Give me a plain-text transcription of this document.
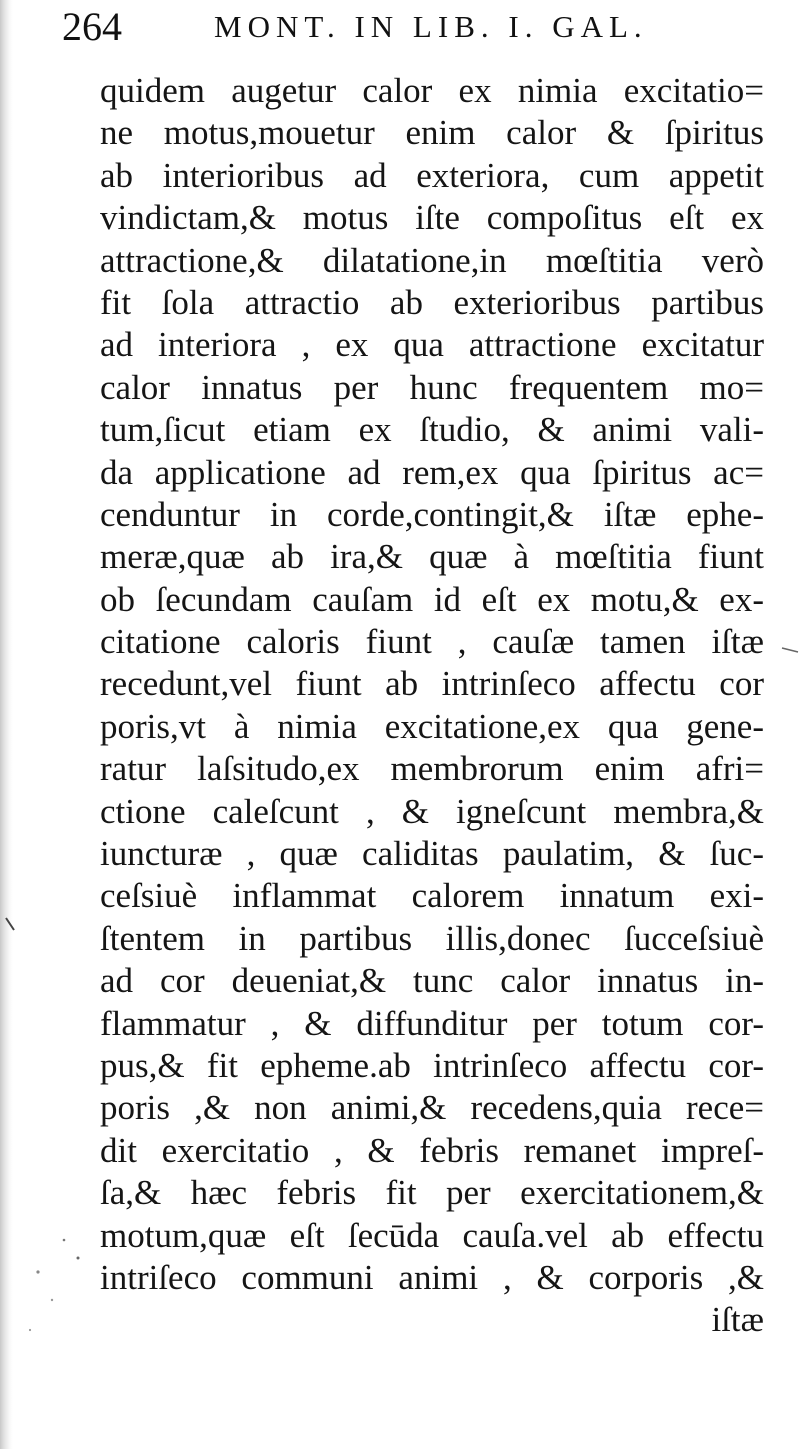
264	MONT. IN LIB. I. GAL.
quidem augetur calor ex nimia excitatio=
ne motus,mouetur enim calor & ſpiritus
ab interioribus ad exteriora, cum appetit
vindictam,& motus iſte compoſitus eſt ex
attractione,& dilatatione,in mœſtitia verò
fit ſola attractio ab exterioribus partibus
ad interiora , ex qua attractione excitatur
calor innatus per hunc frequentem mo=
tum,ſicut etiam ex ſtudio, & animi vali-
da applicatione ad rem,ex qua ſpiritus ac=
cenduntur in corde,contingit,& iſtæ ephe-
meræ,quæ ab ira,& quæ à mœſtitia fiunt
ob ſecundam cauſam id eſt ex motu,& ex-
citatione caloris fiunt , cauſæ tamen iſtæ
recedunt,vel fiunt ab intrinſeco affectu cor
poris,vt à nimia excitatione,ex qua gene-
ratur laſsitudo,ex membrorum enim afri=
ctione caleſcunt , & igneſcunt membra,&
iuncturæ , quæ caliditas paulatim, & ſuc-
ceſsiuè inflammat calorem innatum exi-
ſtentem in partibus illis,donec ſucceſsiuè
ad cor deueniat,& tunc calor innatus in-
flammatur , & diffunditur per totum cor-
pus,& fit epheme.ab intrinſeco affectu cor-
poris ,& non animi,& recedens,quia rece=
dit exercitatio , & febris remanet impreſ-
ſa,& hæc febris fit per exercitationem,&
motum,quæ eſt ſecūda cauſa.vel ab effectu
intriſeco communi animi , & corporis ,&
iſtæ
